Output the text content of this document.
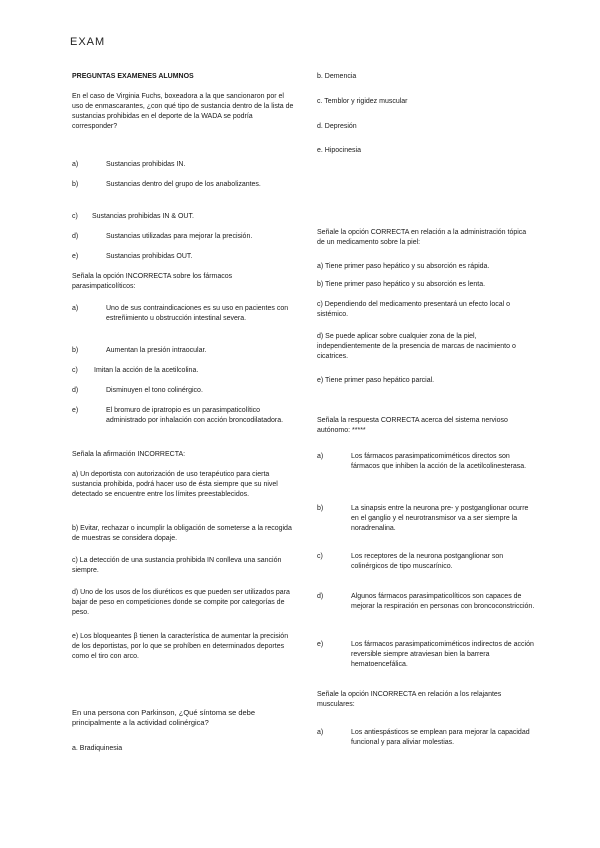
EXAM

PREGUNTAS EXAMENES ALUMNOS

En el caso de Virginia Fuchs, boxeadora a la que sancionaron por el uso de enmascarantes, ¿con qué tipo de sustancia dentro de la lista de sustancias prohibidas en el deporte de la WADA se podría corresponder?

a)	Sustancias prohibidas IN.
b)	Sustancias dentro del grupo de los anabolizantes.
c)	Sustancias prohibidas IN & OUT.
d)	Sustancias utilizadas para mejorar la precisión.
e)	Sustancias prohibidas OUT.

Señala la opción INCORRECTA sobre los fármacos parasimpaticolíticos:

a)	Uno de sus contraindicaciones es su uso en pacientes con estreñimiento u obstrucción intestinal severa.
b)	Aumentan la presión intraocular.
c)	Imitan la acción de la acetilcolina.
d)	Disminuyen el tono colinérgico.
e)	El bromuro de ipratropio es un parasimpaticolítico administrado por inhalación con acción broncodilatadora.

Señala la afirmación INCORRECTA:

a) Un deportista con autorización de uso terapéutico para cierta sustancia prohibida, podrá hacer uso de ésta siempre que su nivel detectado se encuentre entre los límites preestablecidos.

b) Evitar, rechazar o incumplir la obligación de someterse a la recogida de muestras se considera dopaje.

c) La detección de una sustancia prohibida IN conlleva una sanción siempre.

d) Uno de los usos de los diuréticos es que pueden ser utilizados para bajar de peso en competiciones donde se compite por categorías de peso.

e) Los bloqueantes β tienen la característica de aumentar la precisión de los deportistas, por lo que se prohíben en determinados deportes como el tiro con arco.

En una persona con Parkinson, ¿Qué síntoma se debe principalmente a la actividad colinérgica?

a. Bradiquinesia

b. Demencia

c. Temblor y rigidez muscular

d. Depresión

e. Hipocinesia

Señale la opción CORRECTA en relación a la administración tópica de un medicamento sobre la piel:

a) Tiene primer paso hepático y su absorción es rápida.

b) Tiene primer paso hepático y su absorción es lenta.

c) Dependiendo del medicamento presentará un efecto local o sistémico.

d) Se puede aplicar sobre cualquier zona de la piel, independientemente de la presencia de marcas de nacimiento o cicatrices.

e) Tiene primer paso hepático parcial.

Señala la respuesta CORRECTA acerca del sistema nervioso autónomo: *****

a)	Los fármacos parasimpaticomiméticos directos son fármacos que inhiben la acción de la acetilcolinesterasa.
b)	La sinapsis entre la neurona pre- y postganglionar ocurre en el ganglio y el neurotransmisor va a ser siempre la noradrenalina.
c)	Los receptores de la neurona postganglionar son colinérgicos de tipo muscarínico.
d)	Algunos fármacos parasimpaticolíticos son capaces de mejorar la respiración en personas con broncoconstricción.
e)	Los fármacos parasimpaticomiméticos indirectos de acción reversible siempre atraviesan bien la barrera hematoencefálica.

Señale la opción INCORRECTA en relación a los relajantes musculares:

a)	Los antiespásticos se emplean para mejorar la capacidad funcional y para aliviar molestias.
